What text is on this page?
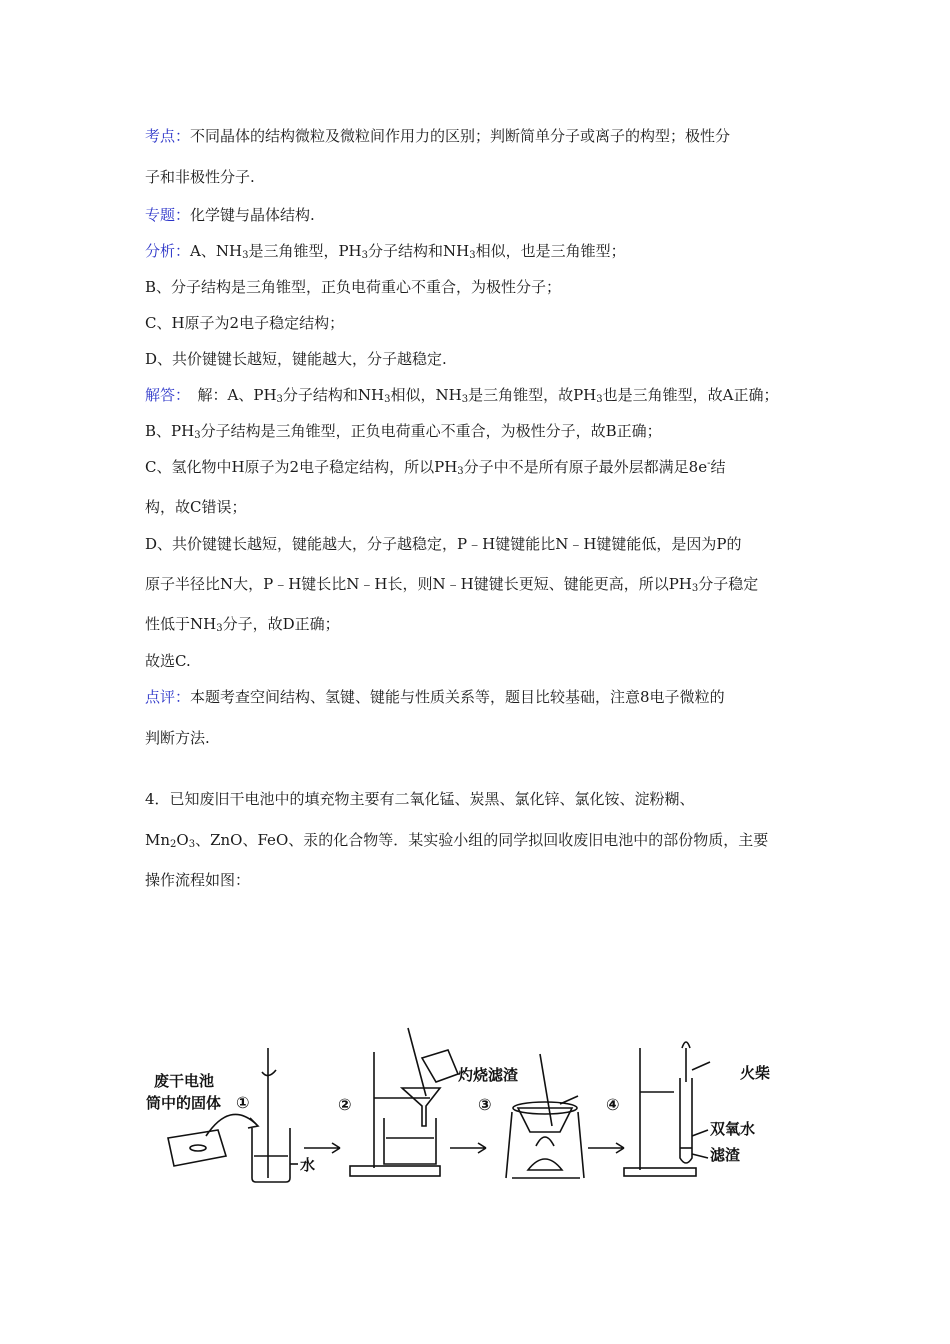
考点：不同晶体的结构微粒及微粒间作用力的区别；判断简单分子或离子的构型；极性分
子和非极性分子.
专题：化学键与晶体结构.
分析：A、$NH_3$是三角锥型，$PH_3$分子结构和$NH_3$相似，也是三角锥型；
B、分子结构是三角锥型，正负电荷重心不重合，为极性分子；
C、H原子为2电子稳定结构；
D、共价键键长越短，键能越大，分子越稳定.
解答：　解：A、$PH_3$分子结构和$NH_3$相似，$NH_3$是三角锥型，故$PH_3$也是三角锥型，故A正确；
B、$PH_3$分子结构是三角锥型，正负电荷重心不重合，为极性分子，故B正确；
C、氢化物中H原子为2电子稳定结构，所以$PH_3$分子中不是所有原子最外层都满足8e-结
构，故C错误；
D、共价键键长越短，键能越大，分子越稳定，P﹣H键键能比N﹣H键键能低，是因为P的
原子半径比N大，P﹣H键长比N﹣H长，则N﹣H键键长更短、键能更高，所以$PH_3$分子稳定
性低于$NH_3$分子，故D正确；
故选C.
点评：本题考查空间结构、氢键、键能与性质关系等，题目比较基础，注意8电子微粒的
判断方法.
4．已知废旧干电池中的填充物主要有二氧化锰、炭黑、氯化锌、氯化铵、淀粉糊、
$Mn_2O_3$、ZnO、FeO、汞的化合物等．某实验小组的同学拟回收废旧电池中的部份物质，主要
操作流程如图：
废干电池
筒中的固体 ①	②	③	④
水
灼烧滤渣
双氧水
滤渣
火柴
